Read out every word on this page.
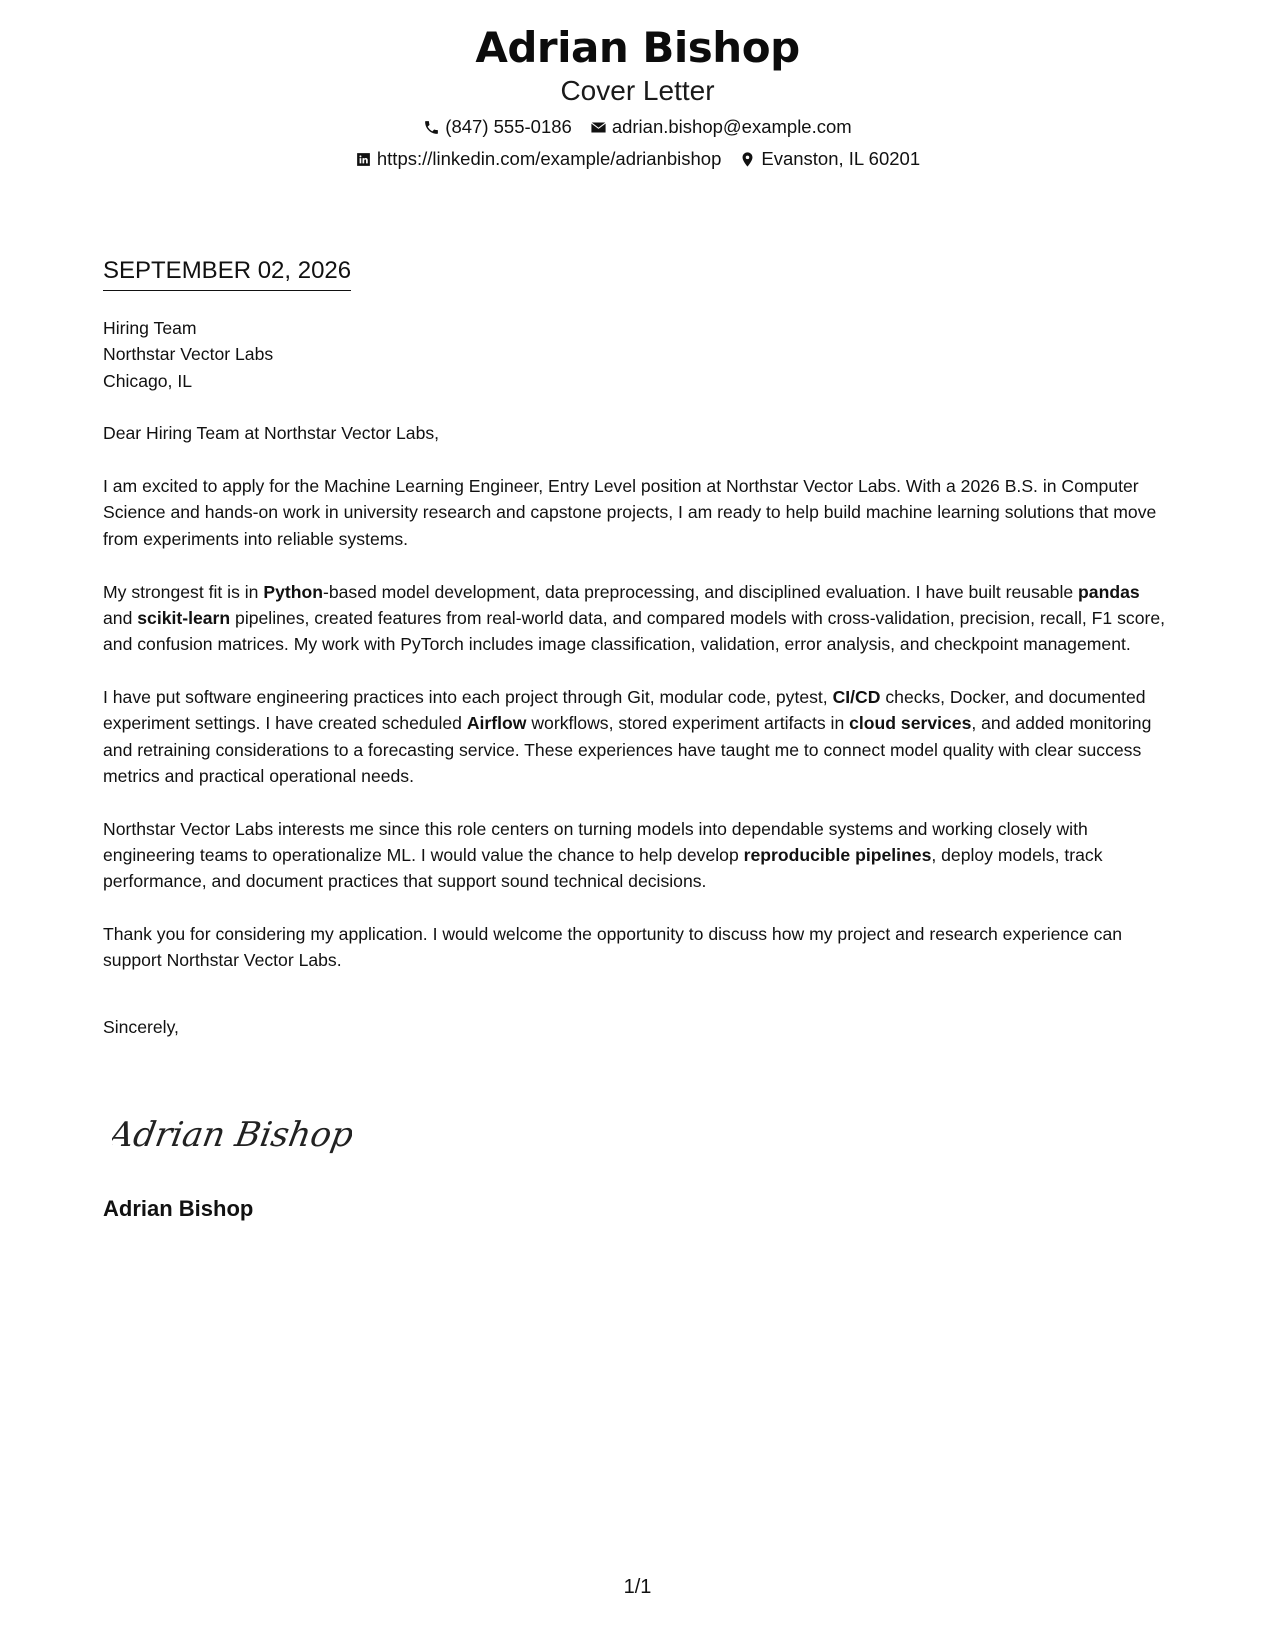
Adrian Bishop
Cover Letter
(847) 555-0186 adrian.bishop@example.com
https://linkedin.com/example/adrianbishop Evanston, IL 60201
SEPTEMBER 02, 2026
Hiring Team
Northstar Vector Labs
Chicago, IL

Dear Hiring Team at Northstar Vector Labs,

I am excited to apply for the Machine Learning Engineer, Entry Level position at Northstar Vector Labs. With a 2026 B.S. in Computer Science and hands-on work in university research and capstone projects, I am ready to help build machine learning solutions that move from experiments into reliable systems.

My strongest fit is in Python-based model development, data preprocessing, and disciplined evaluation. I have built reusable pandas and scikit-learn pipelines, created features from real-world data, and compared models with cross-validation, precision, recall, F1 score, and confusion matrices. My work with PyTorch includes image classification, validation, error analysis, and checkpoint management.

I have put software engineering practices into each project through Git, modular code, pytest, CI/CD checks, Docker, and documented experiment settings. I have created scheduled Airflow workflows, stored experiment artifacts in cloud services, and added monitoring and retraining considerations to a forecasting service. These experiences have taught me to connect model quality with clear success metrics and practical operational needs.

Northstar Vector Labs interests me since this role centers on turning models into dependable systems and working closely with engineering teams to operationalize ML. I would value the chance to help develop reproducible pipelines, deploy models, track performance, and document practices that support sound technical decisions.

Thank you for considering my application. I would welcome the opportunity to discuss how my project and research experience can support Northstar Vector Labs.

Sincerely,

Adrian Bishop
Adrian Bishop
1/1
